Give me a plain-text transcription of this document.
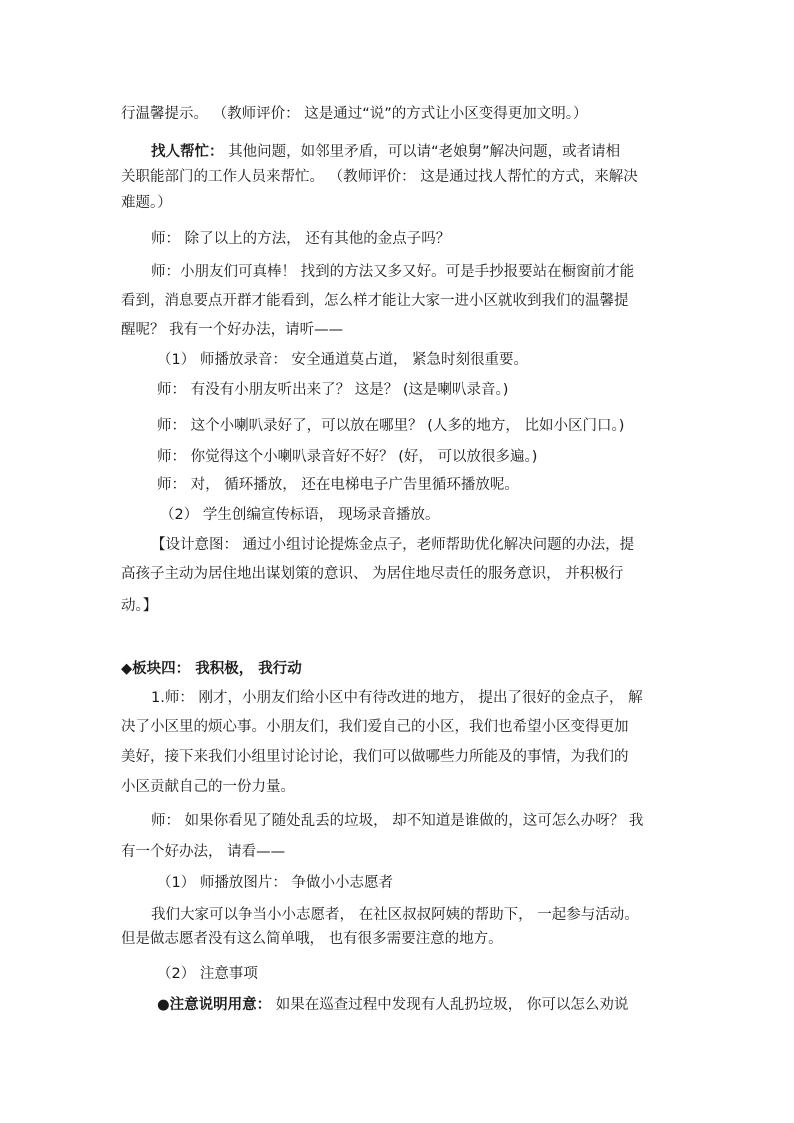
行温馨提示。 （教师评价： 这是通过“说”的方式让小区变得更加文明。）
找人帮忙： 其他问题，如邻里矛盾，可以请“老娘舅”解决问题，或者请相
关职能部门的工作人员来帮忙。 （教师评价： 这是通过找人帮忙的方式，来解决
难题。）
师： 除了以上的方法， 还有其他的金点子吗？
师：小朋友们可真棒！ 找到的方法又多又好。可是手抄报要站在橱窗前才能
看到，消息要点开群才能看到，怎么样才能让大家一进小区就收到我们的温馨提
醒呢？ 我有一个好办法，请听——
（1） 师播放录音： 安全通道莫占道， 紧急时刻很重要。
师： 有没有小朋友听出来了？ 这是？ (这是喇叭录音。)
师： 这个小喇叭录好了，可以放在哪里？ (人多的地方， 比如小区门口。)
师： 你觉得这个小喇叭录音好不好？ (好， 可以放很多遍。)
师： 对， 循环播放， 还在电梯电子广告里循环播放呢。
（2） 学生创编宣传标语， 现场录音播放。
【设计意图： 通过小组讨论提炼金点子，老师帮助优化解决问题的办法，提
高孩子主动为居住地出谋划策的意识、 为居住地尽责任的服务意识， 并积极行
动。】
◆板块四： 我积极， 我行动
1.师： 刚才，小朋友们给小区中有待改进的地方， 提出了很好的金点子， 解
决了小区里的烦心事。小朋友们，我们爱自己的小区，我们也希望小区变得更加
美好，接下来我们小组里讨论讨论，我们可以做哪些力所能及的事情，为我们的
小区贡献自己的一份力量。
师： 如果你看见了随处乱丢的垃圾， 却不知道是谁做的，这可怎么办呀？ 我
有一个好办法， 请看——
（1） 师播放图片： 争做小小志愿者
我们大家可以争当小小志愿者， 在社区叔叔阿姨的帮助下， 一起参与活动。
但是做志愿者没有这么简单哦， 也有很多需要注意的地方。
（2） 注意事项
●注意说明用意： 如果在巡查过程中发现有人乱扔垃圾， 你可以怎么劝说
